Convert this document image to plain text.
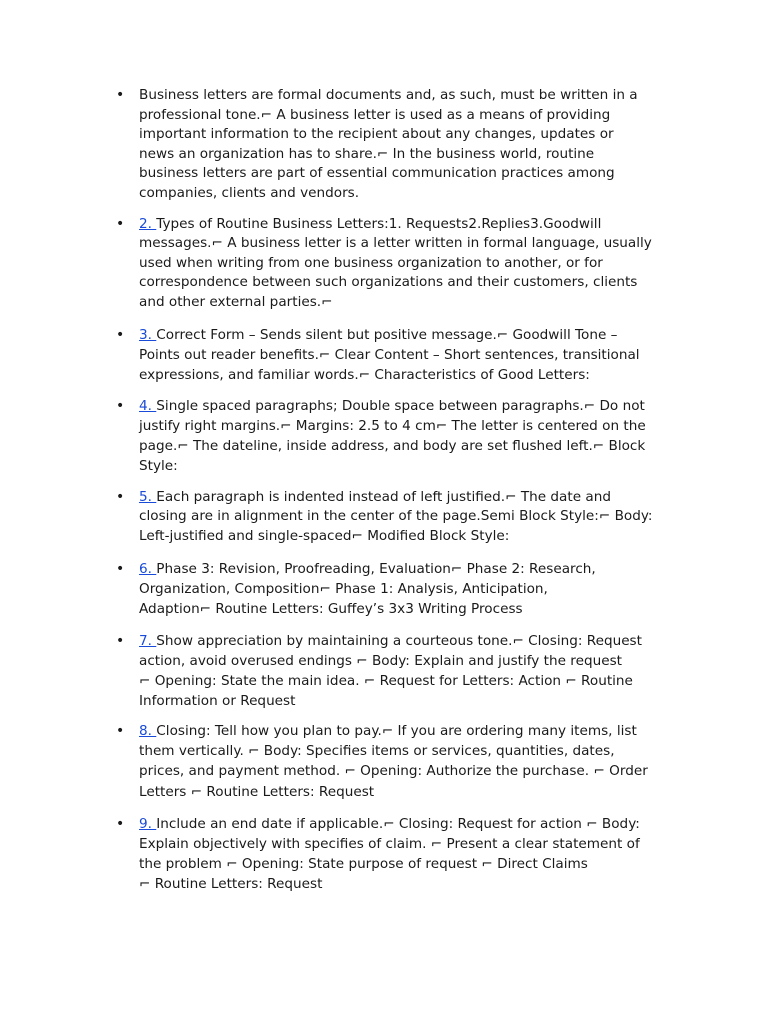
• Business letters are formal documents and, as such, must be written in a
professional tone.⌐ A business letter is used as a means of providing
important information to the recipient about any changes, updates or
news an organization has to share.⌐ In the business world, routine
business letters are part of essential communication practices among
companies, clients and vendors.
• 2. Types of Routine Business Letters:1. Requests2.Replies3.Goodwill
messages.⌐ A business letter is a letter written in formal language, usually
used when writing from one business organization to another, or for
correspondence between such organizations and their customers, clients
and other external parties.⌐
• 3. Correct Form – Sends silent but positive message.⌐ Goodwill Tone –
Points out reader benefits.⌐ Clear Content – Short sentences, transitional
expressions, and familiar words.⌐ Characteristics of Good Letters:
• 4. Single spaced paragraphs; Double space between paragraphs.⌐ Do not
justify right margins.⌐ Margins: 2.5 to 4 cm⌐ The letter is centered on the
page.⌐ The dateline, inside address, and body are set flushed left.⌐ Block
Style:
• 5. Each paragraph is indented instead of left justified.⌐ The date and
closing are in alignment in the center of the page.Semi Block Style:⌐ Body:
Left-justified and single-spaced⌐ Modified Block Style:
• 6. Phase 3: Revision, Proofreading, Evaluation⌐ Phase 2: Research,
Organization, Composition⌐ Phase 1: Analysis, Anticipation,
Adaption⌐ Routine Letters: Guffey’s 3x3 Writing Process
• 7. Show appreciation by maintaining a courteous tone.⌐ Closing: Request
action, avoid overused endings ⌐ Body: Explain and justify the request
⌐ Opening: State the main idea. ⌐ Request for Letters: Action ⌐ Routine
Information or Request
• 8. Closing: Tell how you plan to pay.⌐ If you are ordering many items, list
them vertically. ⌐ Body: Specifies items or services, quantities, dates,
prices, and payment method. ⌐ Opening: Authorize the purchase. ⌐ Order
Letters ⌐ Routine Letters: Request
• 9. Include an end date if applicable.⌐ Closing: Request for action ⌐ Body:
Explain objectively with specifies of claim. ⌐ Present a clear statement of
the problem ⌐ Opening: State purpose of request ⌐ Direct Claims
⌐ Routine Letters: Request
